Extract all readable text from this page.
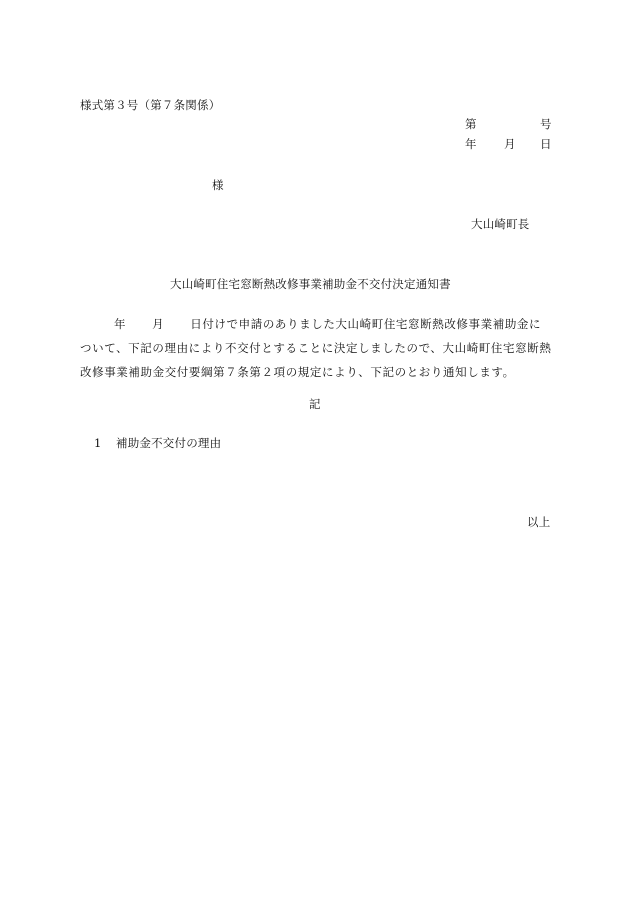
様式第３号（第７条関係）
第	号
年 月 日
様
大山崎町長
大山崎町住宅窓断熱改修事業補助金不交付決定通知書
年 月 日付けで申請のありました大山崎町住宅窓断熱改修事業補助金に
ついて、下記の理由により不交付とすることに決定しましたので、大山崎町住宅窓断熱
改修事業補助金交付要綱第７条第２項の規定により、下記のとおり通知します。
記
1 補助金不交付の理由
以上
